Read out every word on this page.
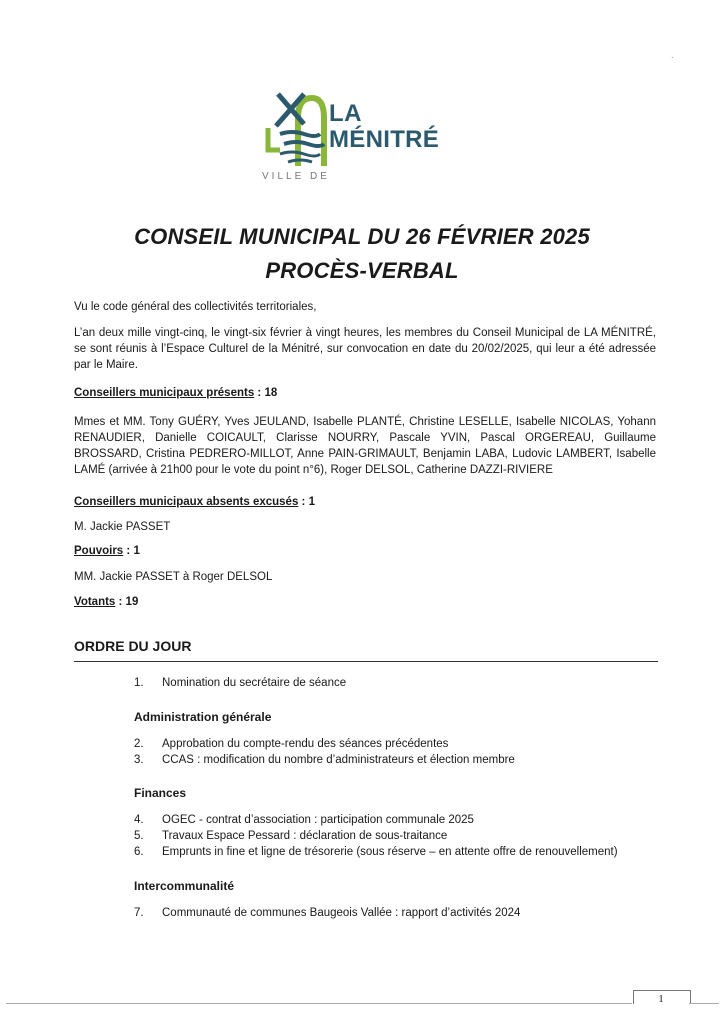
·
LA
MÉNITRÉ
VILLE DE
CONSEIL MUNICIPAL DU 26 FÉVRIER 2025
PROCÈS-VERBAL

Vu le code général des collectivités territoriales,

L’an deux mille vingt-cinq, le vingt-six février à vingt heures, les membres du Conseil Municipal de LA MÉNITRÉ, se sont réunis à l’Espace Culturel de la Ménitré, sur convocation en date du 20/02/2025, qui leur a été adressée par le Maire.

Conseillers municipaux présents : 18

Mmes et MM. Tony GUÉRY, Yves JEULAND, Isabelle PLANTÉ, Christine LESELLE, Isabelle NICOLAS, Yohann RENAUDIER, Danielle COICAULT, Clarisse NOURRY, Pascale YVIN, Pascal ORGEREAU, Guillaume BROSSARD, Cristina PEDRERO-MILLOT, Anne PAIN-GRIMAULT, Benjamin LABA, Ludovic LAMBERT, Isabelle LAMÉ (arrivée à 21h00 pour le vote du point n°6), Roger DELSOL, Catherine DAZZI-RIVIERE

Conseillers municipaux absents excusés : 1

M. Jackie PASSET

Pouvoirs : 1

MM. Jackie PASSET à Roger DELSOL

Votants : 19

ORDRE DU JOUR
1. Nomination du secrétaire de séance
Administration générale
2. Approbation du compte-rendu des séances précédentes
3. CCAS : modification du nombre d’administrateurs et élection membre
Finances
4. OGEC - contrat d’association : participation communale 2025
5. Travaux Espace Pessard : déclaration de sous-traitance
6. Emprunts in fine et ligne de trésorerie (sous réserve – en attente offre de renouvellement)
Intercommunalité
7. Communauté de communes Baugeois Vallée : rapport d’activités 2024
1
